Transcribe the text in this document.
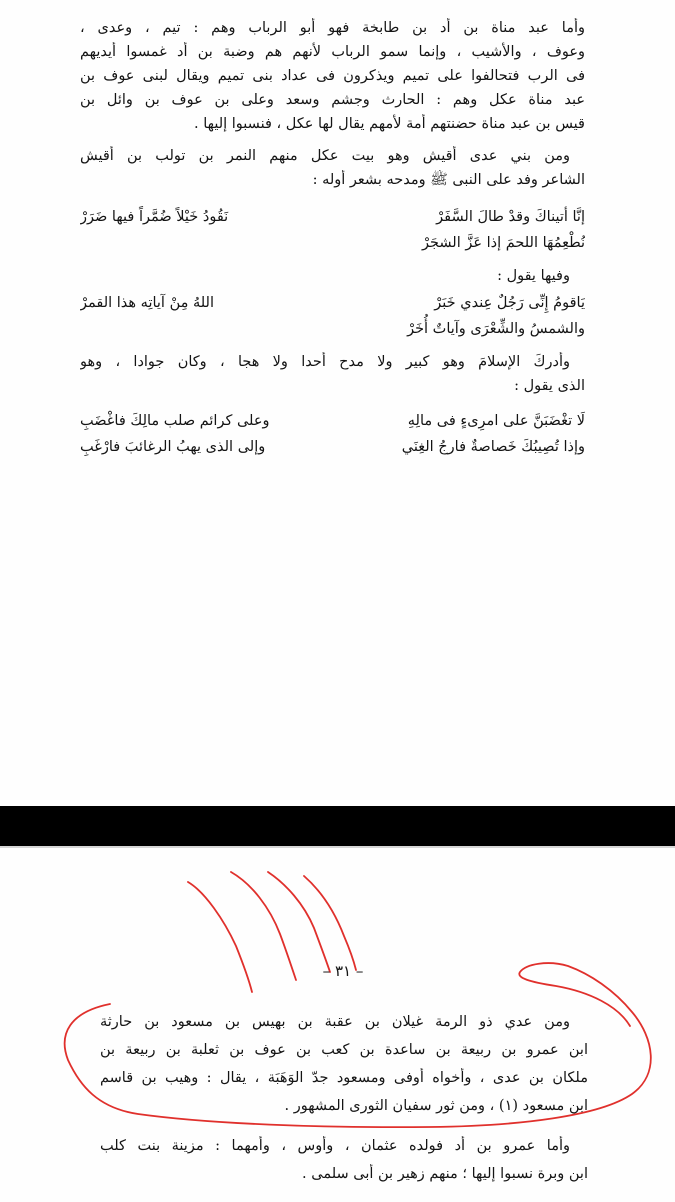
وأما عبد مناة بن أد بن طابخة فهو أبو الرباب وهم : تيم ، وعدى ،
وعوف ، والأشيب ، وإنما سمو الرباب لأنهم هم وضبة بن أد غمسوا أيديهم
فى الرب فتحالفوا على تميم ويذكرون فى عداد بنى تميم ويقال لبنى عوف بن
عبد مناة عكل وهم : الحارث وجشم وسعد وعلى بن عوف بن وائل بن
قيس بن عبد مناة حضنتهم أمة لأمهم يقال لها عكل ، فنسبوا إليها .
ومن بني عدى أقيش وهو بيت عكل منهم النمر بن تولب بن أقيش
الشاعر وفد على النبى ﷺ ومدحه بشعر أوله :
إنَّا أتيناكَ وقدْ طالَ السَّفَرْ
نَقُودُ خَيْلاً ضُمَّراً فيها ضَرَرْ
نُطْعِمُهَا اللحمَ إذا عَزَّ الشجَرْ
وفيها يقول :
يَاقومُ إِنِّى رَجُلٌ عِندي خَبَرْ
اللهُ مِنْ آياتِه هذا القمرْ
والشمسُ والشِّعْرَى وآياتٌ أُخَرْ
وأدركَ الإسلامَ وهو كبير ولا مدح أحدا ولا هجا ، وكان جوادا ، وهو
الذى يقول :
لَا تغْضَبَنَّ على امرِىءٍ فى مالِهِ
وعلى كرائم صلب مالِكَ فاغْضَبِ
وإذا تُصِيبُكَ خَصاصةٌ فارجُ الغِنَي
وإلى الذى يهبُ الرغائبَ فارْغَبِ
– ٣١ –
ومن عدي ذو الرمة غيلان بن عقبة بن بهيس بن مسعود بن حارثة
ابن عمرو بن ربيعة بن ساعدة بن كعب بن عوف بن ثعلبة بن ربيعة بن
ملكان بن عدى ، وأخواه أوفى ومسعود جدّ الوَهَبَة ، يقال : وهيب بن قاسم
ابن مسعود (١) ، ومن ثور سفيان الثورى المشهور .
وأما عمرو بن أد فولده عثمان ، وأوس ، وأمهما : مزينة بنت كلب
ابن وبرة نسبوا إليها ؛ منهم زهير بن أبى سلمى .
